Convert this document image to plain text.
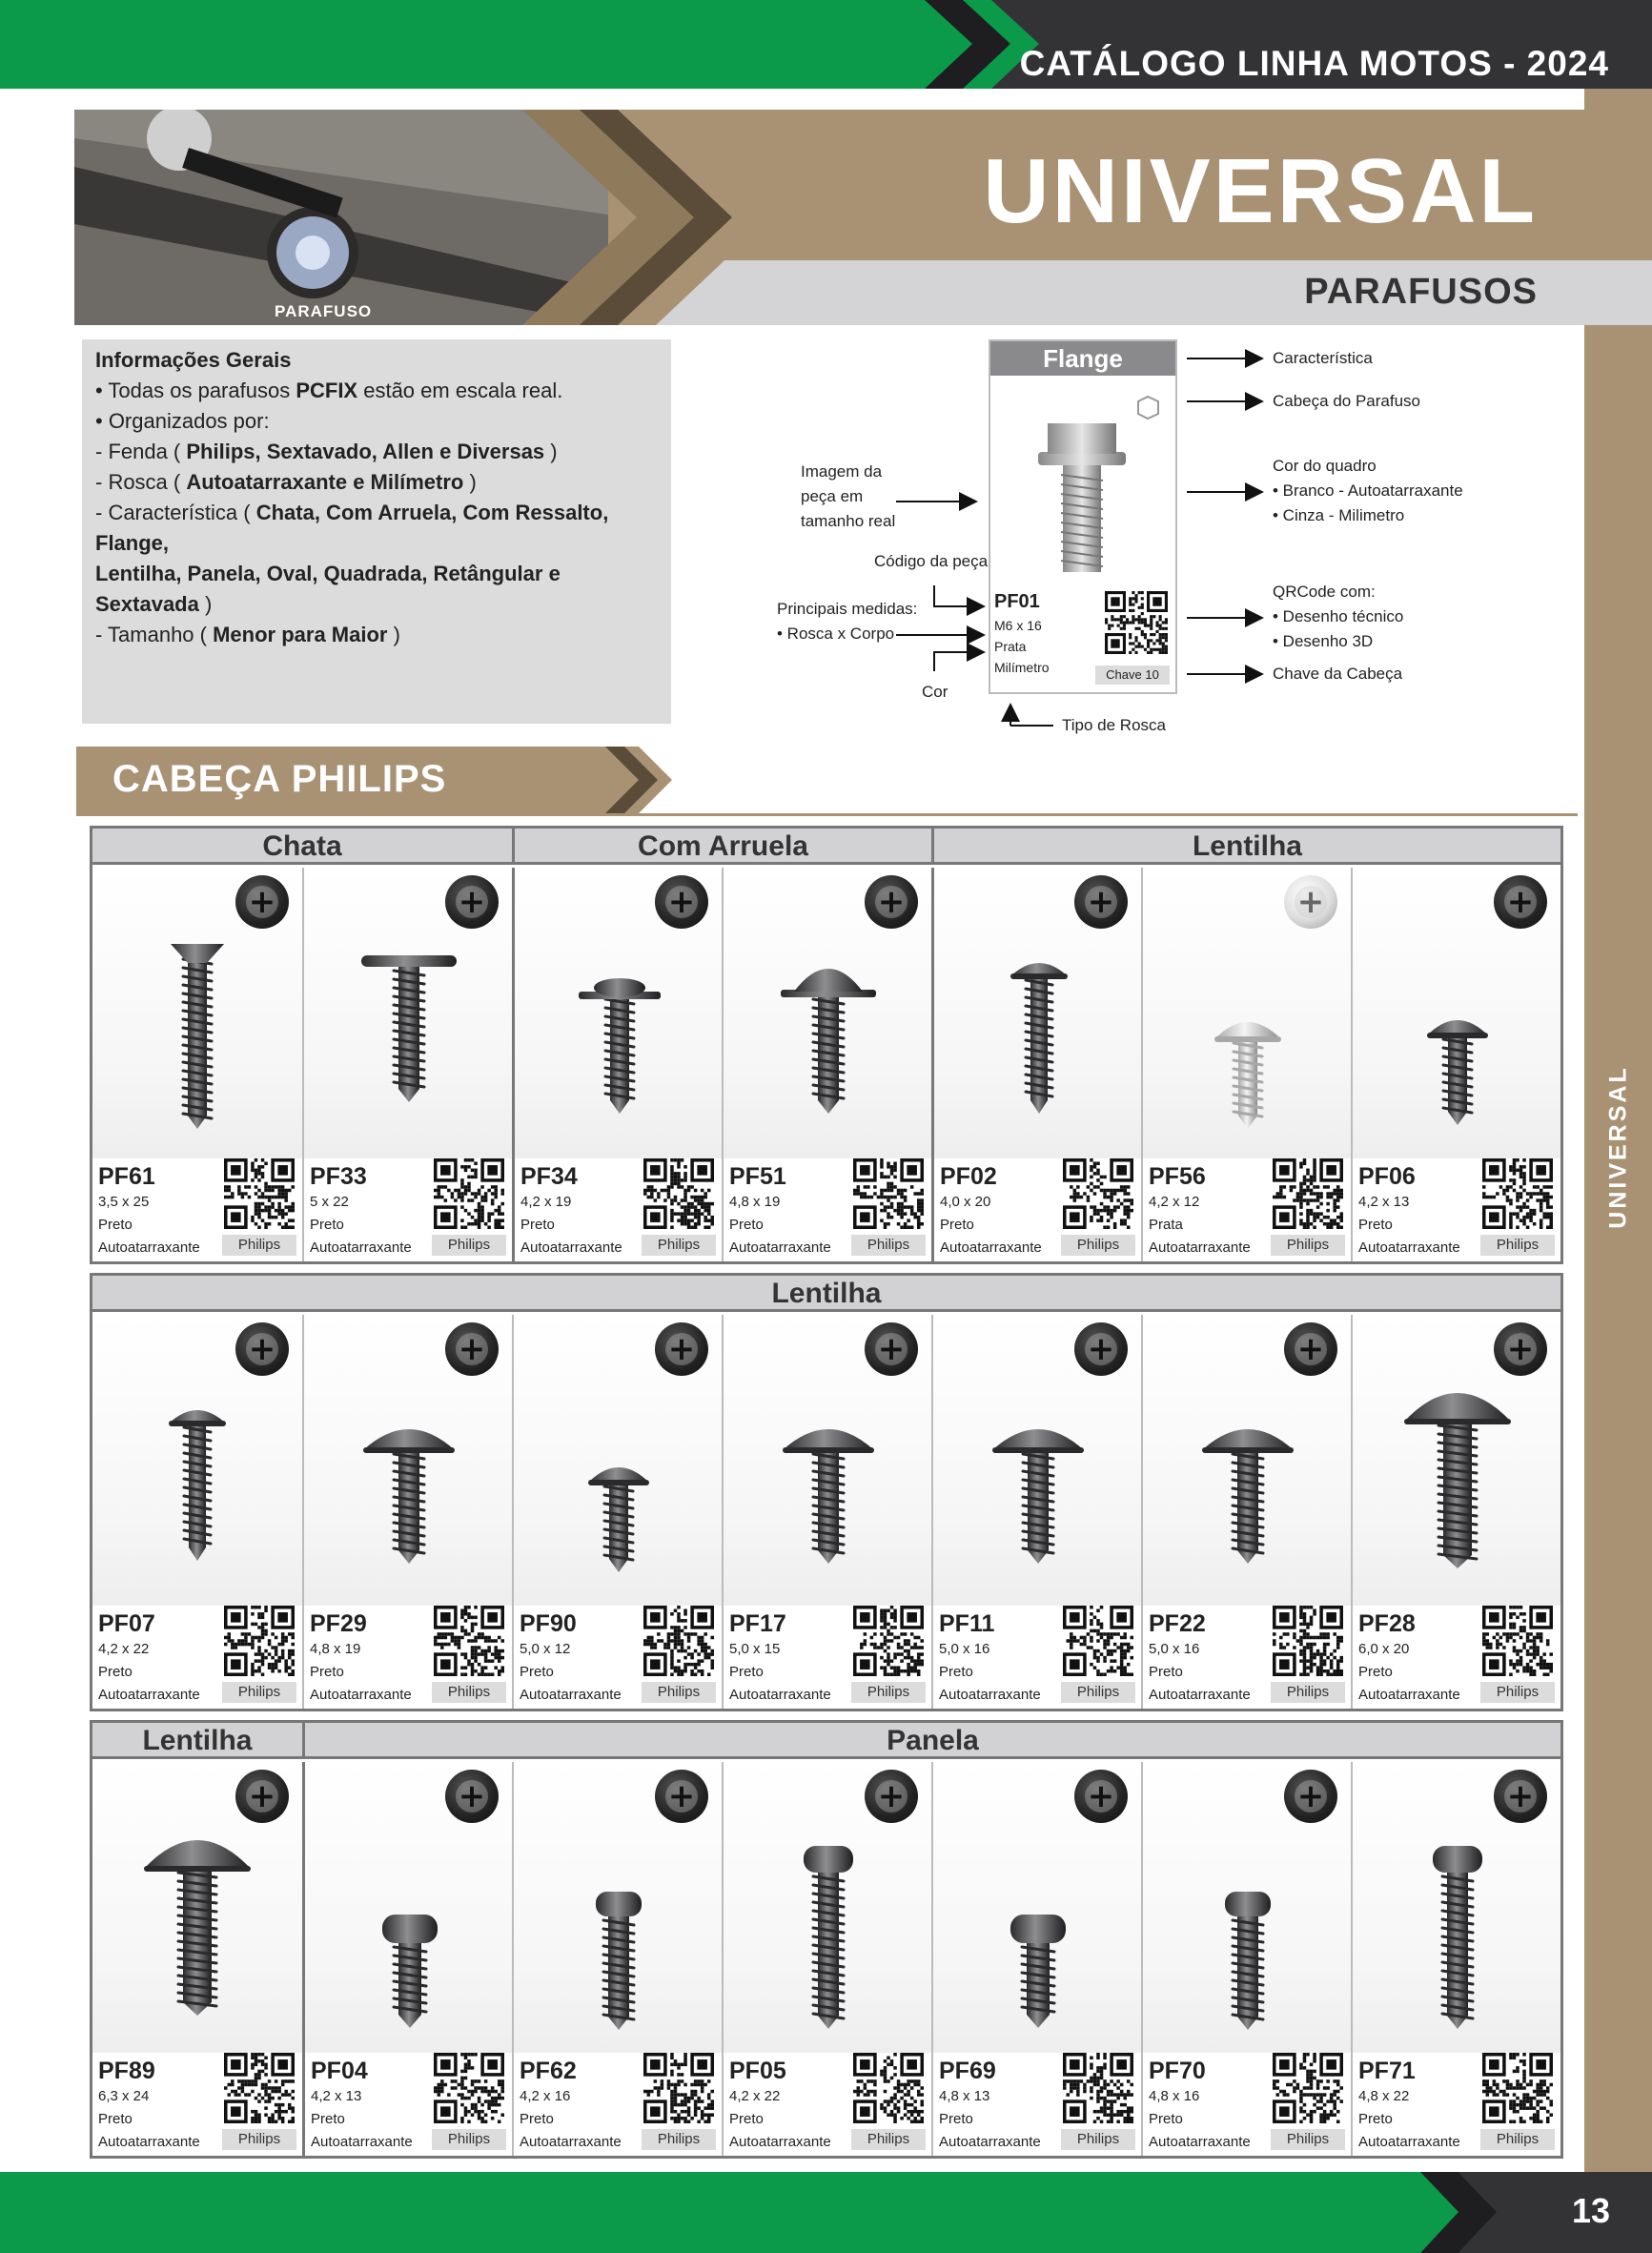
CATÁLOGO LINHA MOTOS - 2024
UNIVERSAL
UNIVERSAL
PARAFUSOS
PARAFUSO
Informações Gerais
• Todas os parafusos PCFIX estão em escala real.
• Organizados por:
- Fenda ( Philips, Sextavado, Allen e Diversas )
- Rosca ( Autoatarraxante e Milímetro )
- Característica ( Chata, Com Arruela, Com Ressalto, Flange,
Lentilha, Panela, Oval, Quadrada, Retângular e Sextavada )
- Tamanho ( Menor para Maior )
Flange
PF01
M6 x 16
Prata
Milímetro	Chave 10
Característica
Cabeça do Parafuso
Cor do quadro
• Branco - Autoatarraxante
• Cinza - Milimetro
QRCode com:
• Desenho técnico
• Desenho 3D
Chave da Cabeça
Imagem da
peça em
tamanho real
Código da peça
Principais medidas:
• Rosca x Corpo
Cor
Tipo de Rosca
CABEÇA PHILIPS
Chata	Com Arruela	Lentilha
+
PF61
3,5 x 25
Preto
Autoatarraxante	Philips
+
PF33
5 x 22
Preto
Autoatarraxante	Philips
+
PF34
4,2 x 19
Preto
Autoatarraxante	Philips
+
PF51
4,8 x 19
Preto
Autoatarraxante	Philips
+
PF02
4,0 x 20
Preto
Autoatarraxante	Philips
+
PF56
4,2 x 12
Prata
Autoatarraxante	Philips
+
PF06
4,2 x 13
Preto
Autoatarraxante	Philips
Lentilha
+
PF07
4,2 x 22
Preto
Autoatarraxante	Philips
+
PF29
4,8 x 19
Preto
Autoatarraxante	Philips
+
PF90
5,0 x 12
Preto
Autoatarraxante	Philips
+
PF17
5,0 x 15
Preto
Autoatarraxante	Philips
+
PF11
5,0 x 16
Preto
Autoatarraxante	Philips
+
PF22
5,0 x 16
Preto
Autoatarraxante	Philips
+
PF28
6,0 x 20
Preto
Autoatarraxante	Philips
Lentilha	Panela
+
PF89
6,3 x 24
Preto
Autoatarraxante	Philips
+
PF04
4,2 x 13
Preto
Autoatarraxante	Philips
+
PF62
4,2 x 16
Preto
Autoatarraxante	Philips
+
PF05
4,2 x 22
Preto
Autoatarraxante	Philips
+
PF69
4,8 x 13
Preto
Autoatarraxante	Philips
+
PF70
4,8 x 16
Preto
Autoatarraxante	Philips
+
PF71
4,8 x 22
Preto
Autoatarraxante	Philips
13
